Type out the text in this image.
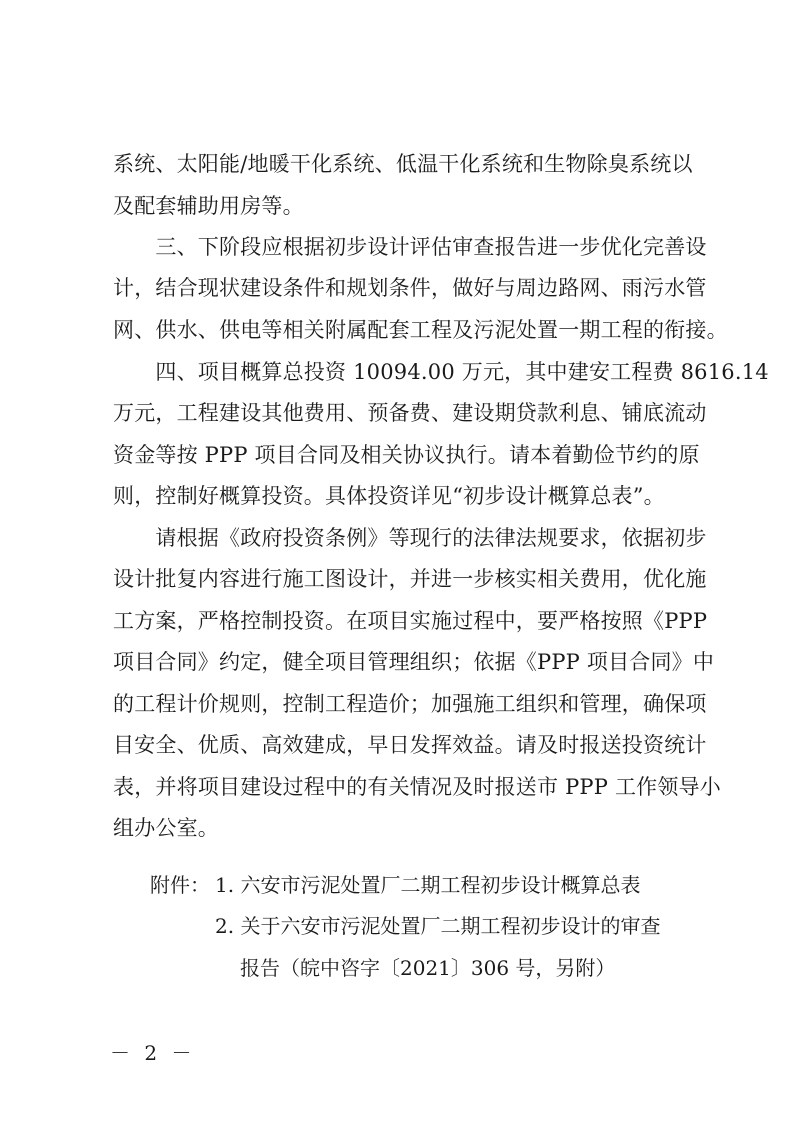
系统、太阳能/地暖干化系统、低温干化系统和生物除臭系统以
及配套辅助用房等。
　　三、下阶段应根据初步设计评估审查报告进一步优化完善设
计，结合现状建设条件和规划条件，做好与周边路网、雨污水管
网、供水、供电等相关附属配套工程及污泥处置一期工程的衔接。
　　四、项目概算总投资 10094.00 万元，其中建安工程费 8616.14
万元，工程建设其他费用、预备费、建设期贷款利息、铺底流动
资金等按 PPP 项目合同及相关协议执行。请本着勤俭节约的原
则，控制好概算投资。具体投资详见“初步设计概算总表”。
　　请根据《政府投资条例》等现行的法律法规要求，依据初步
设计批复内容进行施工图设计，并进一步核实相关费用，优化施
工方案，严格控制投资。在项目实施过程中，要严格按照《PPP
项目合同》约定，健全项目管理组织；依据《PPP 项目合同》中
的工程计价规则，控制工程造价；加强施工组织和管理，确保项
目安全、优质、高效建成，早日发挥效益。请及时报送投资统计
表，并将项目建设过程中的有关情况及时报送市 PPP 工作领导小
组办公室。
附件： 1. 六安市污泥处置厂二期工程初步设计概算总表
2. 关于六安市污泥处置厂二期工程初步设计的审查
报告（皖中咨字〔2021〕306 号，另附）
－ 2 －
